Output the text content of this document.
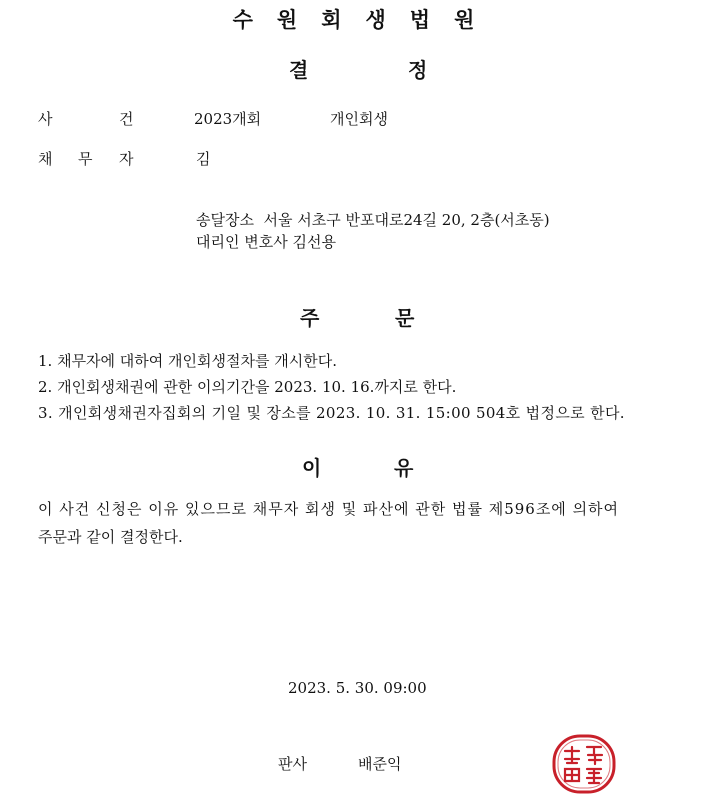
수원회생법원
결	정
사	건	2023개회	개인회생
채 무 자	김
송달장소  서울 서초구 반포대로24길 20, 2층(서초동)
대리인 변호사 김선용
주	문
1. 채무자에 대하여 개인회생절차를 개시한다.
2. 개인회생채권에 관한 이의기간을 2023. 10. 16.까지로 한다.
3. 개인회생채권자집회의 기일 및 장소를 2023. 10. 31. 15:00 504호 법정으로 한다.
이	유
이 사건 신청은 이유 있으므로 채무자 회생 및 파산에 관한 법률 제596조에 의하여
주문과 같이 결정한다.
2023. 5. 30. 09:00
판사	배준익
